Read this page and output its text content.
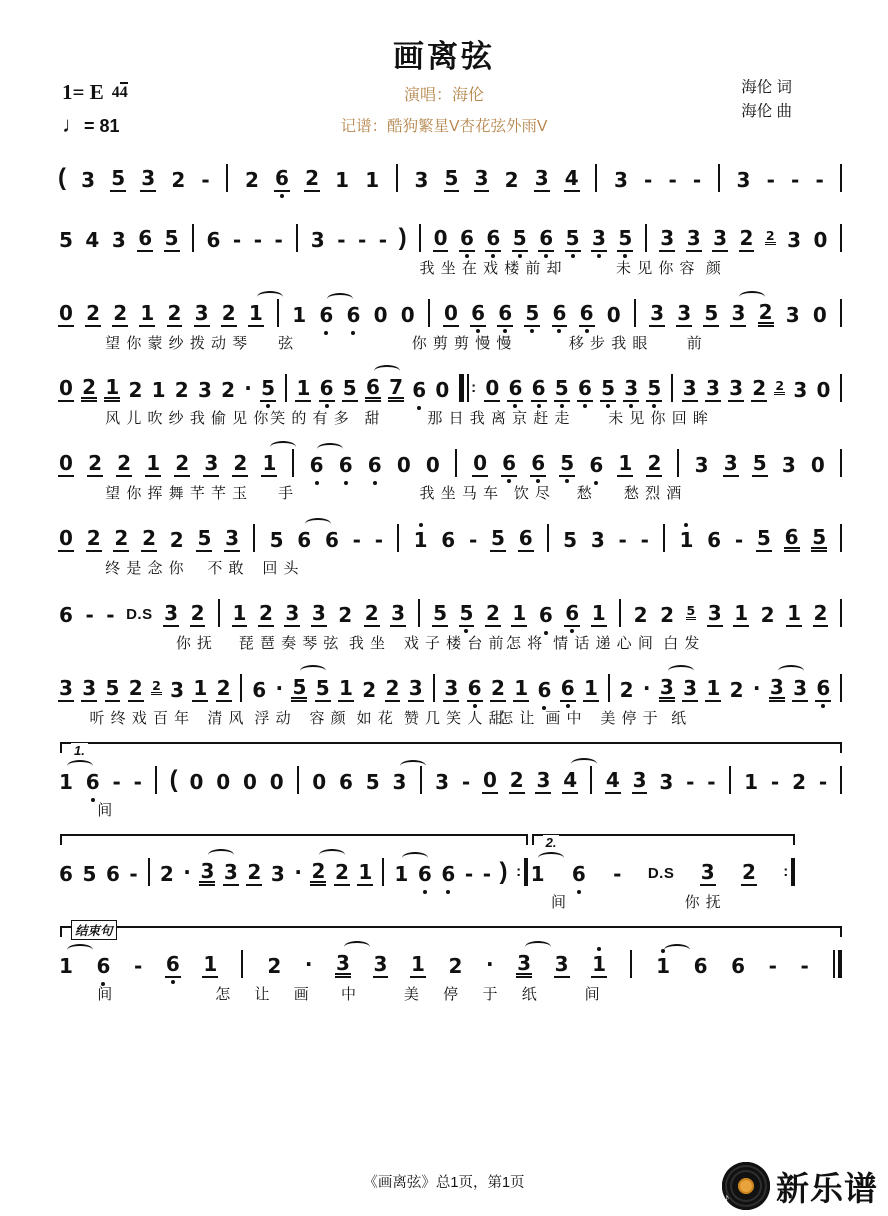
画离弦
1= E 44	演唱：海伦	海伦 词
海伦 曲
♩= 81	记谱：酷狗繁星V杏花弦外雨V
( 3 5 3 2 - 2 6 2 1 1 3 5 3 2 3 4 3 - - - 3 - - -
5 4 3 6 5 6 - - - 3 - - - ) 0 6 6 5 6 5 3 5 3 3 3 2 2 3 0
我 坐 在 戏 楼 前 却	未 见 你 容  颜
0 2 2 1 2 3 2 1 1 6 6 0 0 0 6 6 5 6 6 0 3 3 5 3 2 3 0
望 你 蒙 纱 拨 动 琴 弦	你 剪 剪 慢 慢	移 步 我 眼	前
0 2 1 2 1 2 3 2 · 5 1 6 5 6 7 6 0 : 0 6 6 5 6 5 3 5 3 3 3 2 2 3 0
风 儿 吹 纱 我 偷 见 你 笑 的 有 多 甜	那 日 我 离 京 赶 走	未 见 你 回 眸
0 2 2 1 2 3 2 1 6 6 6 0 0 0 6 6 5 6 1 2 3 3 5 3 0
望 你 挥 舞 芊 芊 玉 手	我 坐 马 车 饮 尽 愁 愁 烈 酒
0 2 2 2 2 5 3 5 6 6 - - 1 6 - 5 6 5 3 - - 1 6 - 5 6 5
终 是 念 你 不 敢 回 头
6 - - D.S 3 2 1 2 3 3 2 2 3 5 5 2 1 6 6 1 2 2 5 3 1 2 1 2
你 抚 琵 琶 奏 琴 弦 我 坐 戏 子 楼 台 前 怎 将 情 话 递 心 间 白 发
3 3 5 2 2 3 1 2 6 · 5 5 1 2 2 3 3 6 2 1 6 6 1 2 · 3 3 1 2 · 3 3 6
听 终 戏 百 年 清 风 浮 动 容 颜 如 花 赞 几 笑 人 甜
怎 让 画 中 美 停 于 纸
1.
1 6 - - ( 0 0 0 0 0 6 5 3 3 - 0 2 3 4 4 3 3 - - 1 - 2 -
间
6 5 6 - 2 · 3 3 2 3 · 2 2 1 1 6 6 - - ) :
2.
1 6 - D.S 3 2 :
间	你 抚
结束句
1 6 - 6 1	2 · 3 3 1 2 · 3 3 1	1 6 6 - -
间	怎 让 画 中	美 停 于 纸	间
《画离弦》总1页，第1页
♪ 新乐谱
